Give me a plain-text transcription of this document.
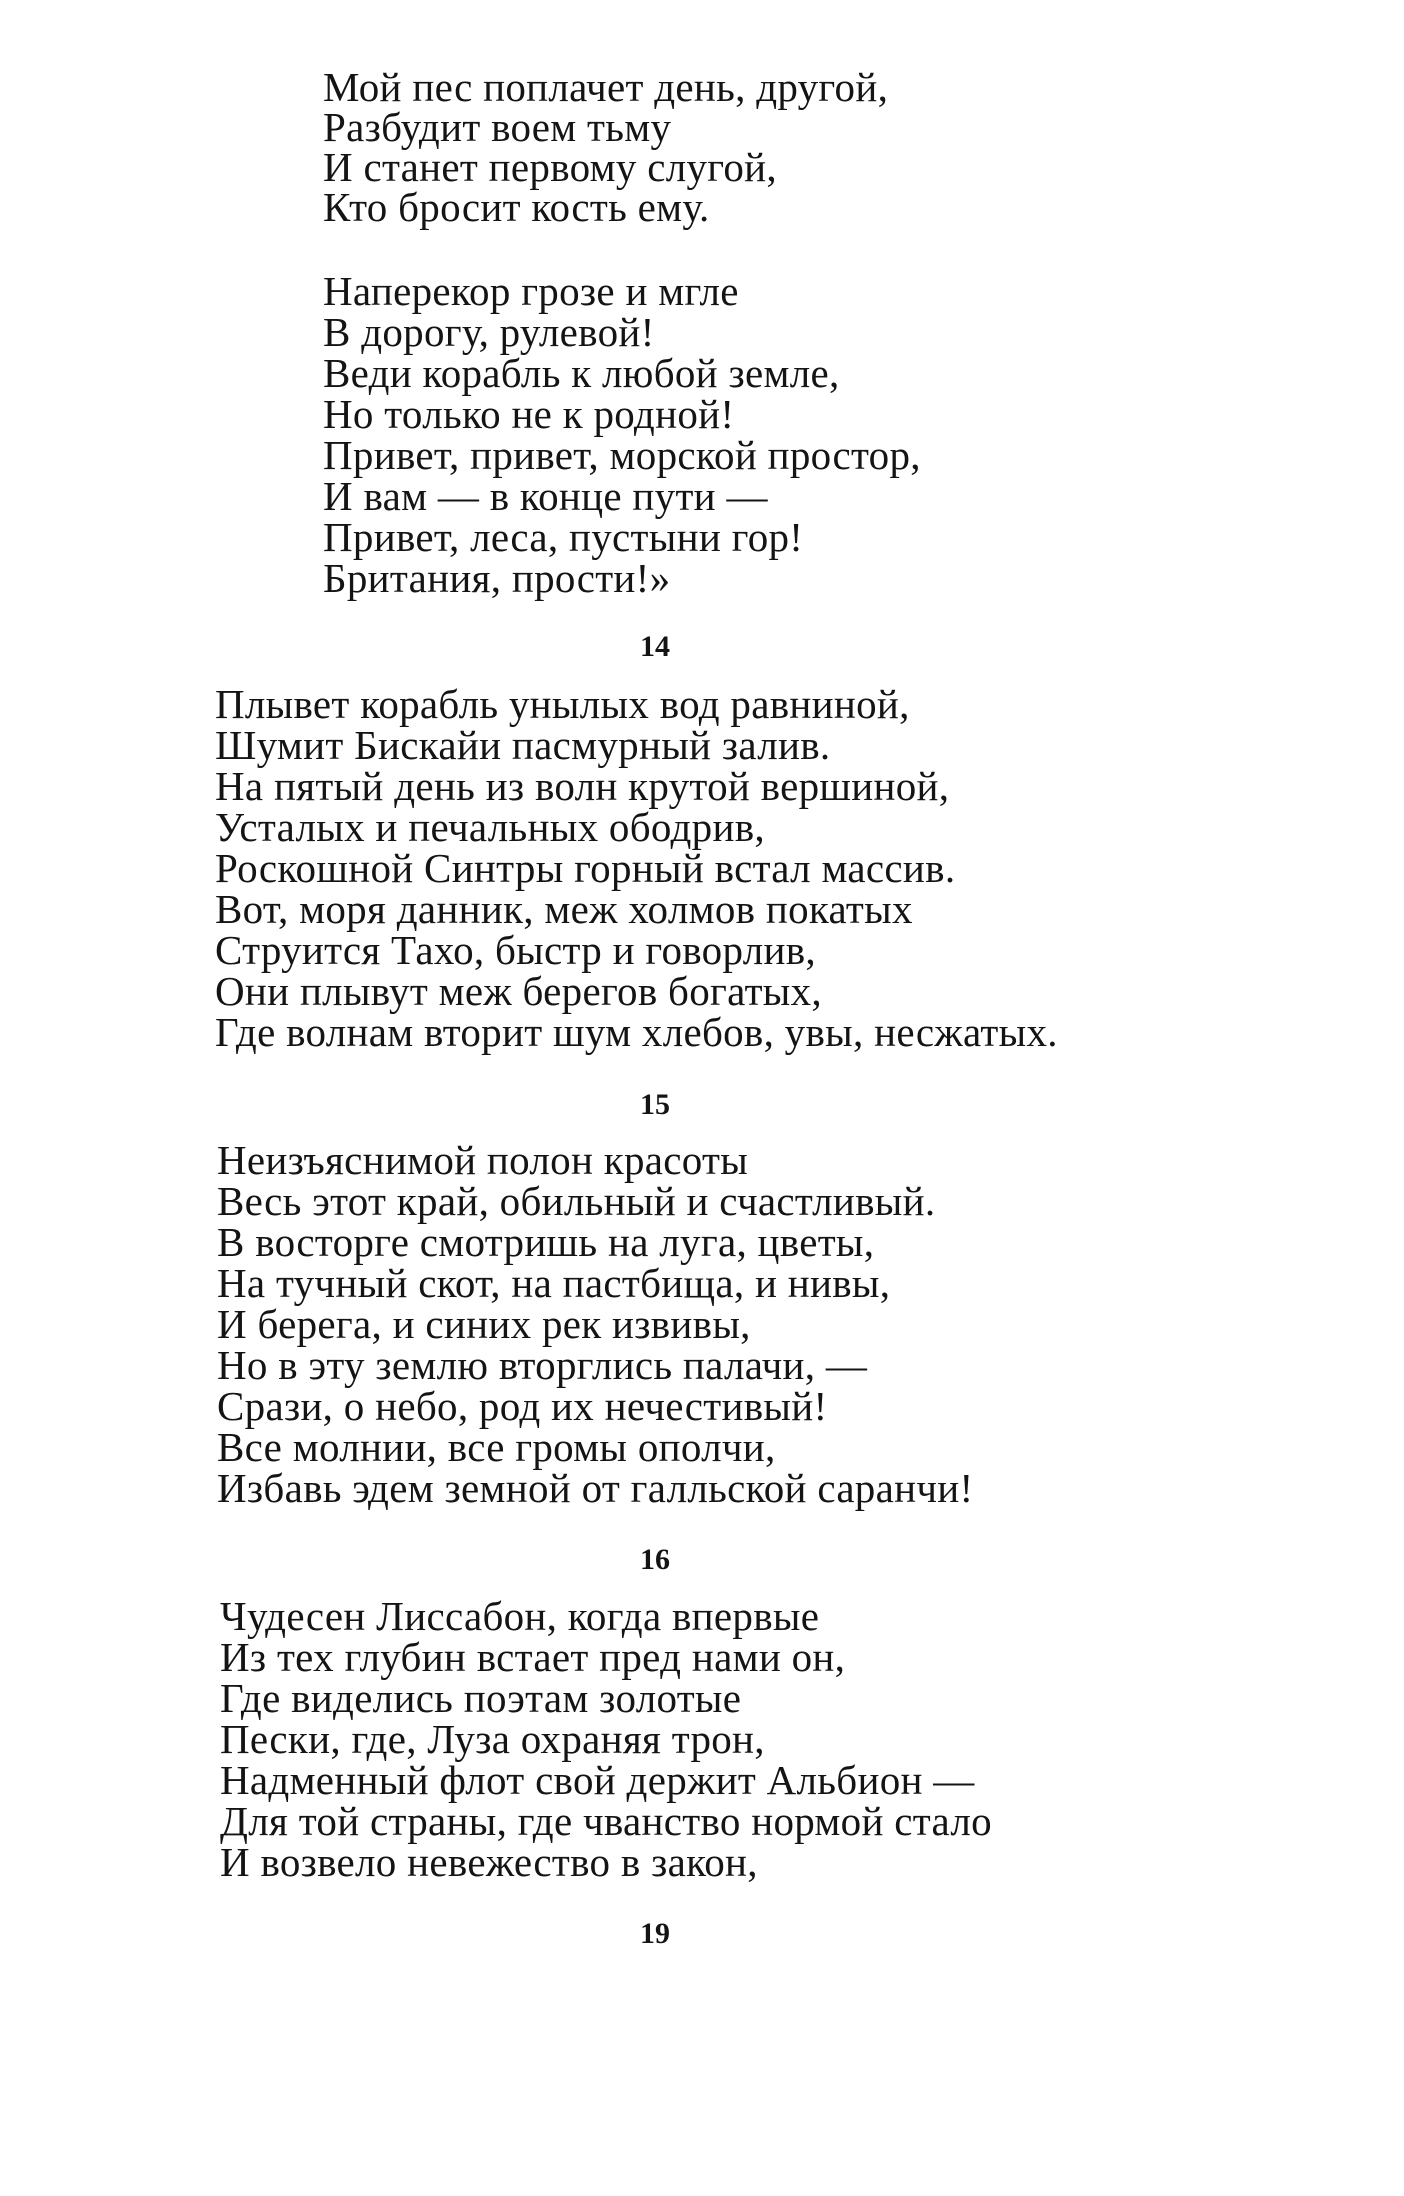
Мой пес поплачет день, другой,
Разбудит воем тьму
И станет первому слугой,
Кто бросит кость ему.
Наперекор грозе и мгле
В дорогу, рулевой!
Веди корабль к любой земле,
Но только не к родной!
Привет, привет, морской простор,
И вам — в конце пути —
Привет, леса, пустыни гор!
Британия, прости!»
14
Плывет корабль унылых вод равниной,
Шумит Бискайи пасмурный залив.
На пятый день из волн крутой вершиной,
Усталых и печальных ободрив,
Роскошной Синтры горный встал массив.
Вот, моря данник, меж холмов покатых
Струится Тахо, быстр и говорлив,
Они плывут меж берегов богатых,
Где волнам вторит шум хлебов, увы, несжатых.
15
Неизъяснимой полон красоты
Весь этот край, обильный и счастливый.
В восторге смотришь на луга, цветы,
На тучный скот, на пастбища, и нивы,
И берега, и синих рек извивы,
Но в эту землю вторглись палачи, —
Срази, о небо, род их нечестивый!
Все молнии, все громы ополчи,
Избавь эдем земной от галльской саранчи!
16
Чудесен Лиссабон, когда впервые
Из тех глубин встает пред нами он,
Где виделись поэтам золотые
Пески, где, Луза охраняя трон,
Надменный флот свой держит Альбион —
Для той страны, где чванство нормой стало
И возвело невежество в закон,
19
